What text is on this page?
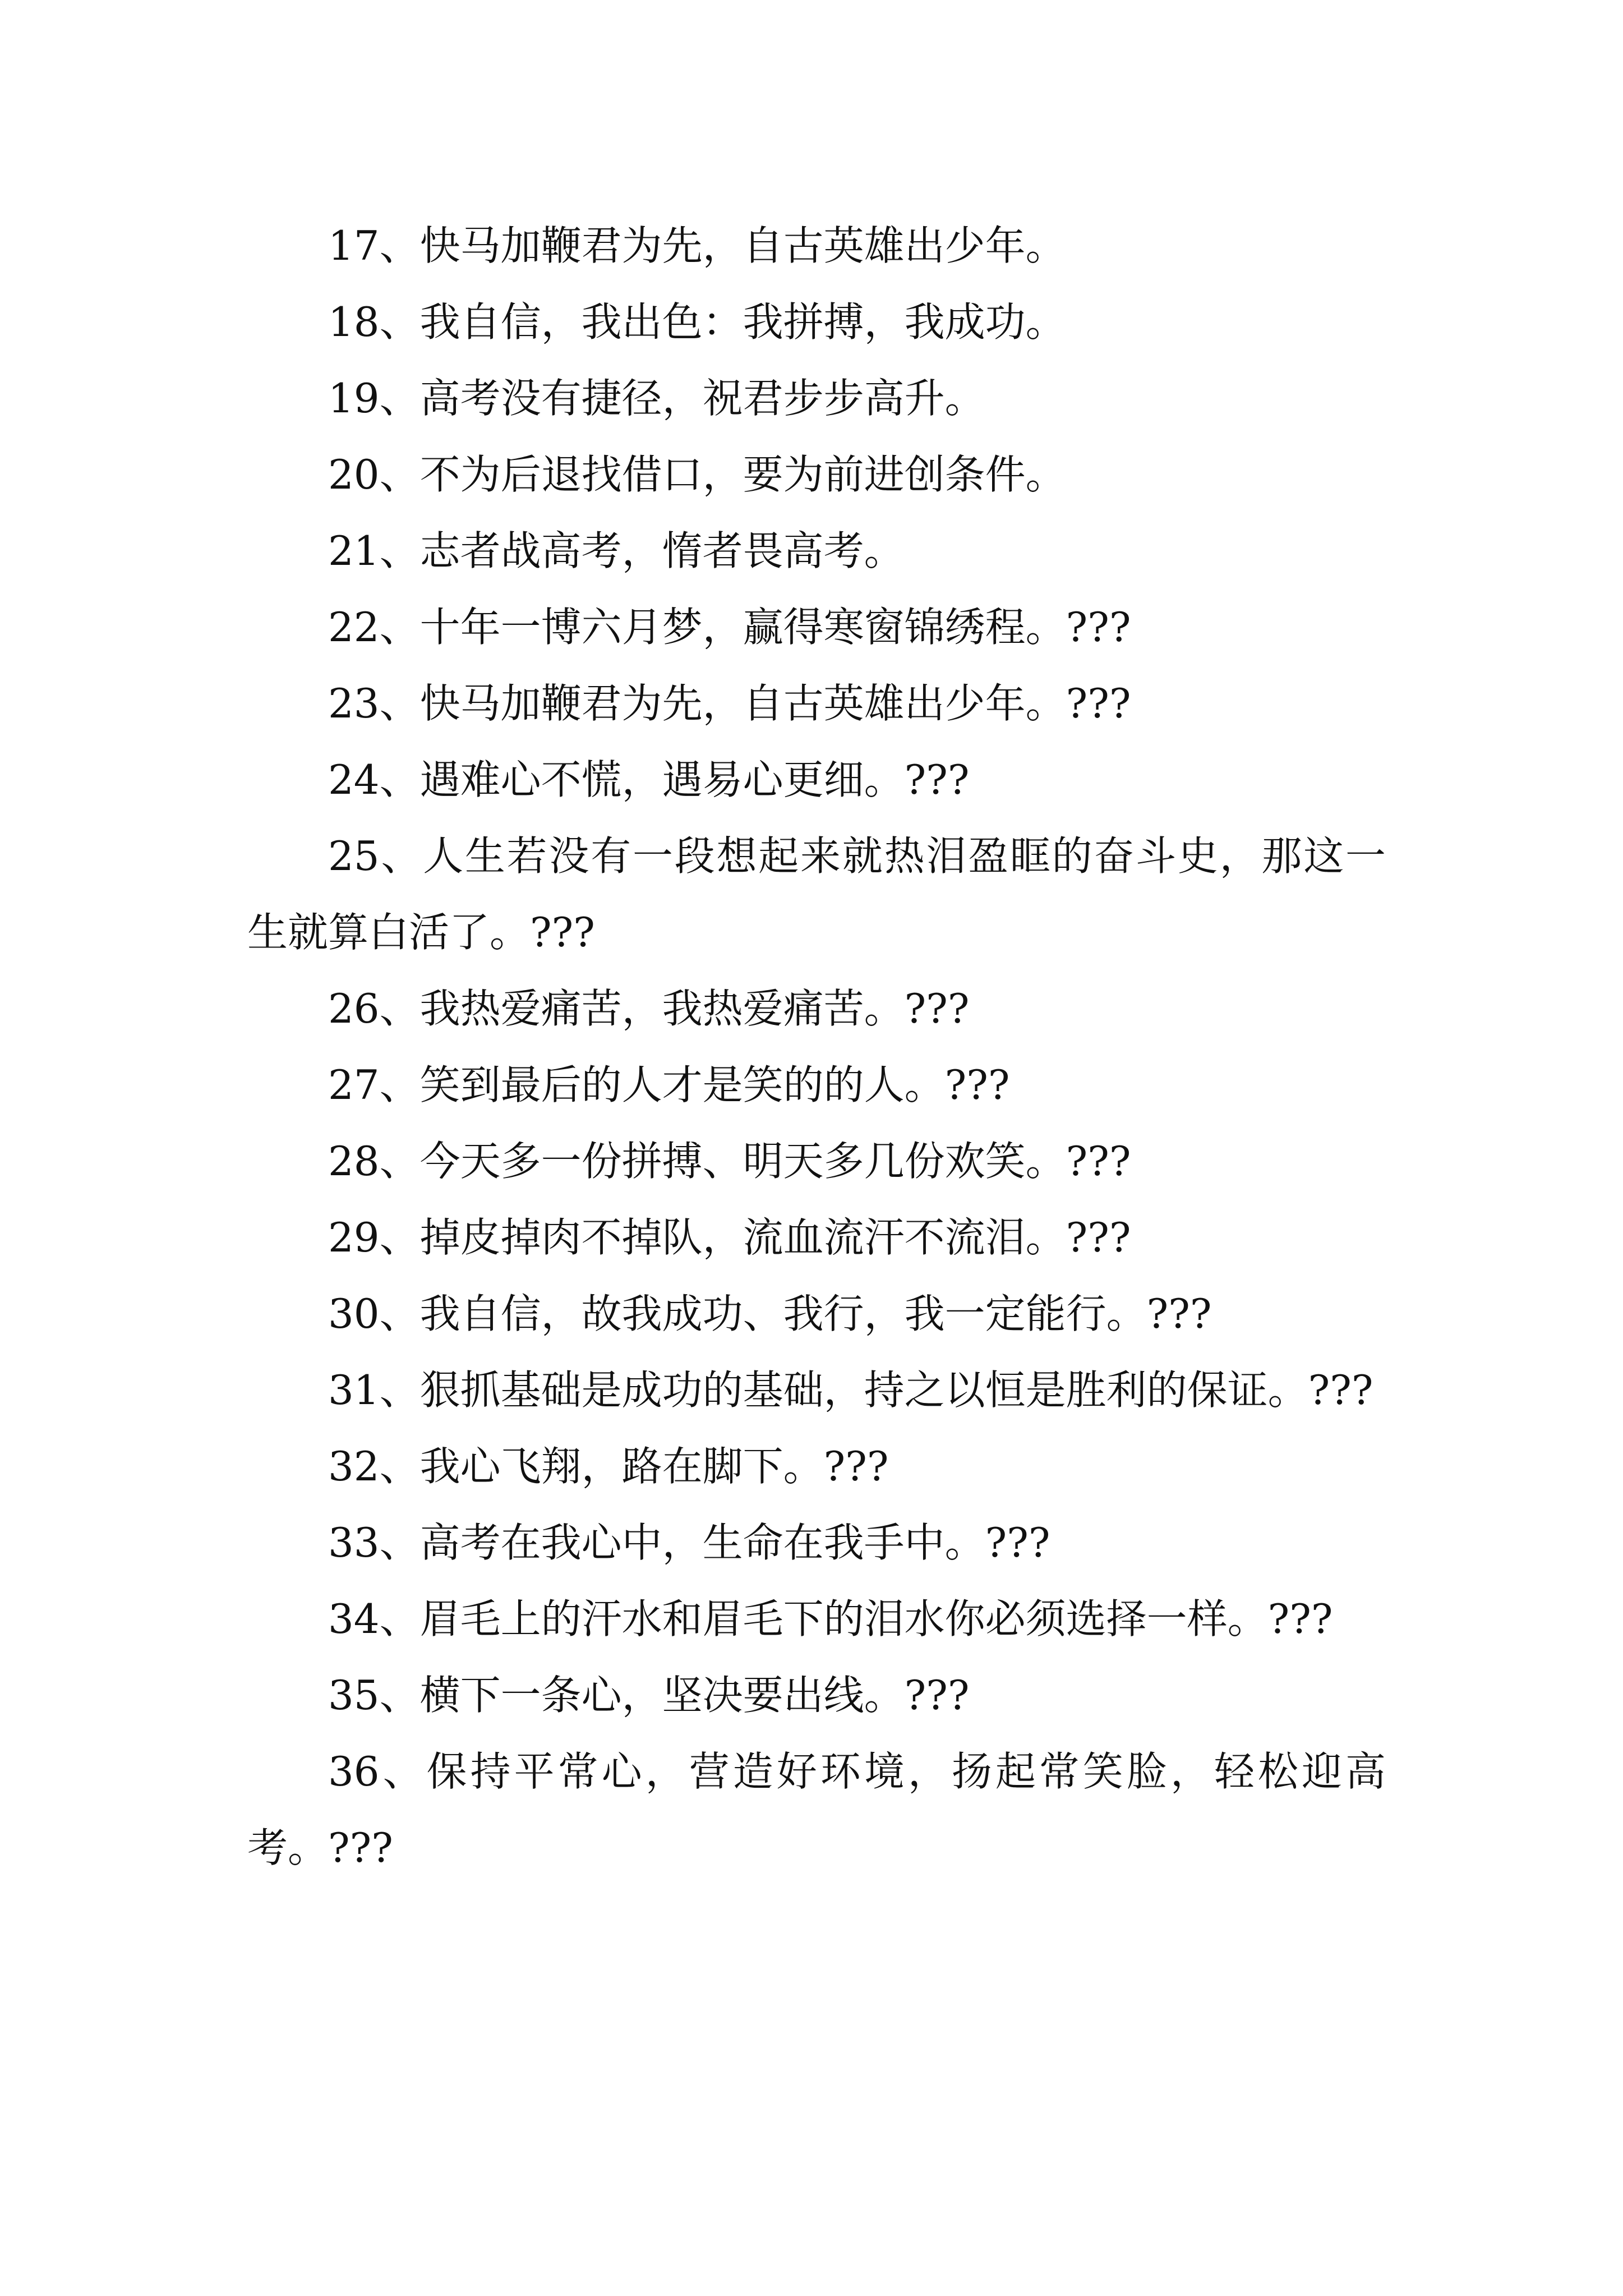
17、快马加鞭君为先，自古英雄出少年。

18、我自信，我出色：我拼搏，我成功。

19、高考没有捷径，祝君步步高升。

20、不为后退找借口，要为前进创条件。

21、志者战高考，惰者畏高考。

22、十年一博六月梦，赢得寒窗锦绣程。???

23、快马加鞭君为先，自古英雄出少年。???

24、遇难心不慌，遇易心更细。???

25、人生若没有一段想起来就热泪盈眶的奋斗史，那这一生就算白活了。???

26、我热爱痛苦，我热爱痛苦。???

27、笑到最后的人才是笑的的人。???

28、今天多一份拼搏、明天多几份欢笑。???

29、掉皮掉肉不掉队，流血流汗不流泪。???

30、我自信，故我成功、我行，我一定能行。???

31、狠抓基础是成功的基础，持之以恒是胜利的保证。???

32、我心飞翔，路在脚下。???

33、高考在我心中，生命在我手中。???

34、眉毛上的汗水和眉毛下的泪水你必须选择一样。???

35、横下一条心，坚决要出线。???

36、保持平常心，营造好环境，扬起常笑脸，轻松迎高考。???
